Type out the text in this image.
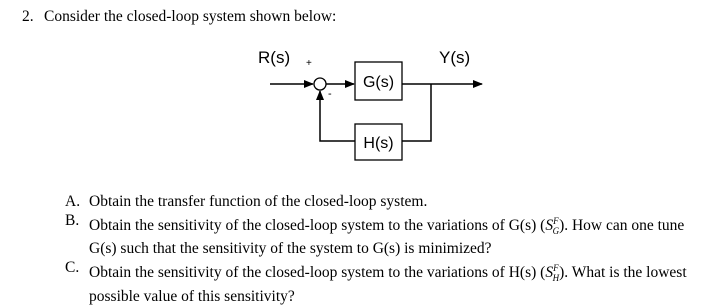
2. Consider the closed-loop system shown below:
R(s)	Y(s)
+
-
G(s)
H(s)
A. Obtain the transfer function of the closed-loop system.
B. Obtain the sensitivity of the closed-loop system to the variations of G(s) $(S^F_G)$. How can one tune G(s) such that the sensitivity of the system to G(s) is minimized?
C. Obtain the sensitivity of the closed-loop system to the variations of H(s) $(S^F_H)$. What is the lowest possible value of this sensitivity?
